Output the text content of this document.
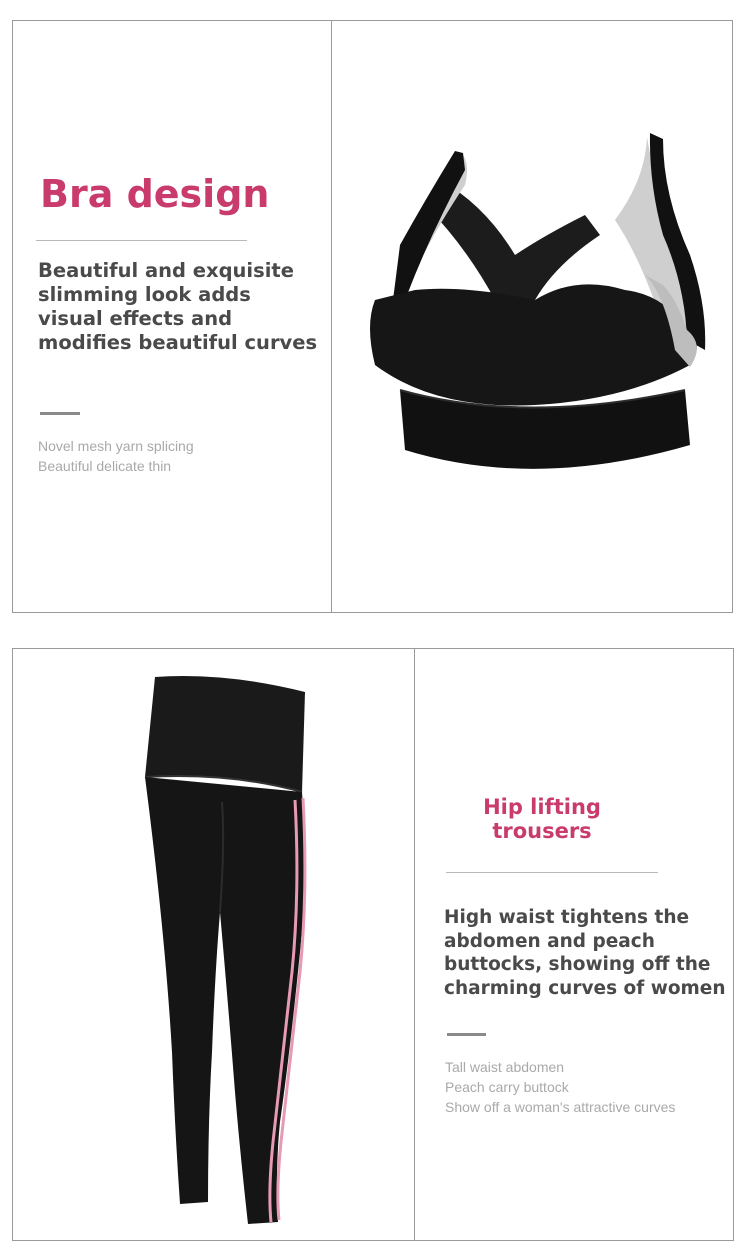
Bra design
Beautiful and exquisite
slimming look adds
visual effects and
modifies beautiful curves
Novel mesh yarn splicing
Beautiful delicate thin
Hip lifting
trousers
High waist tightens the
abdomen and peach
buttocks, showing off the
charming curves of women
Tall waist abdomen
Peach carry buttock
Show off a woman's attractive curves
